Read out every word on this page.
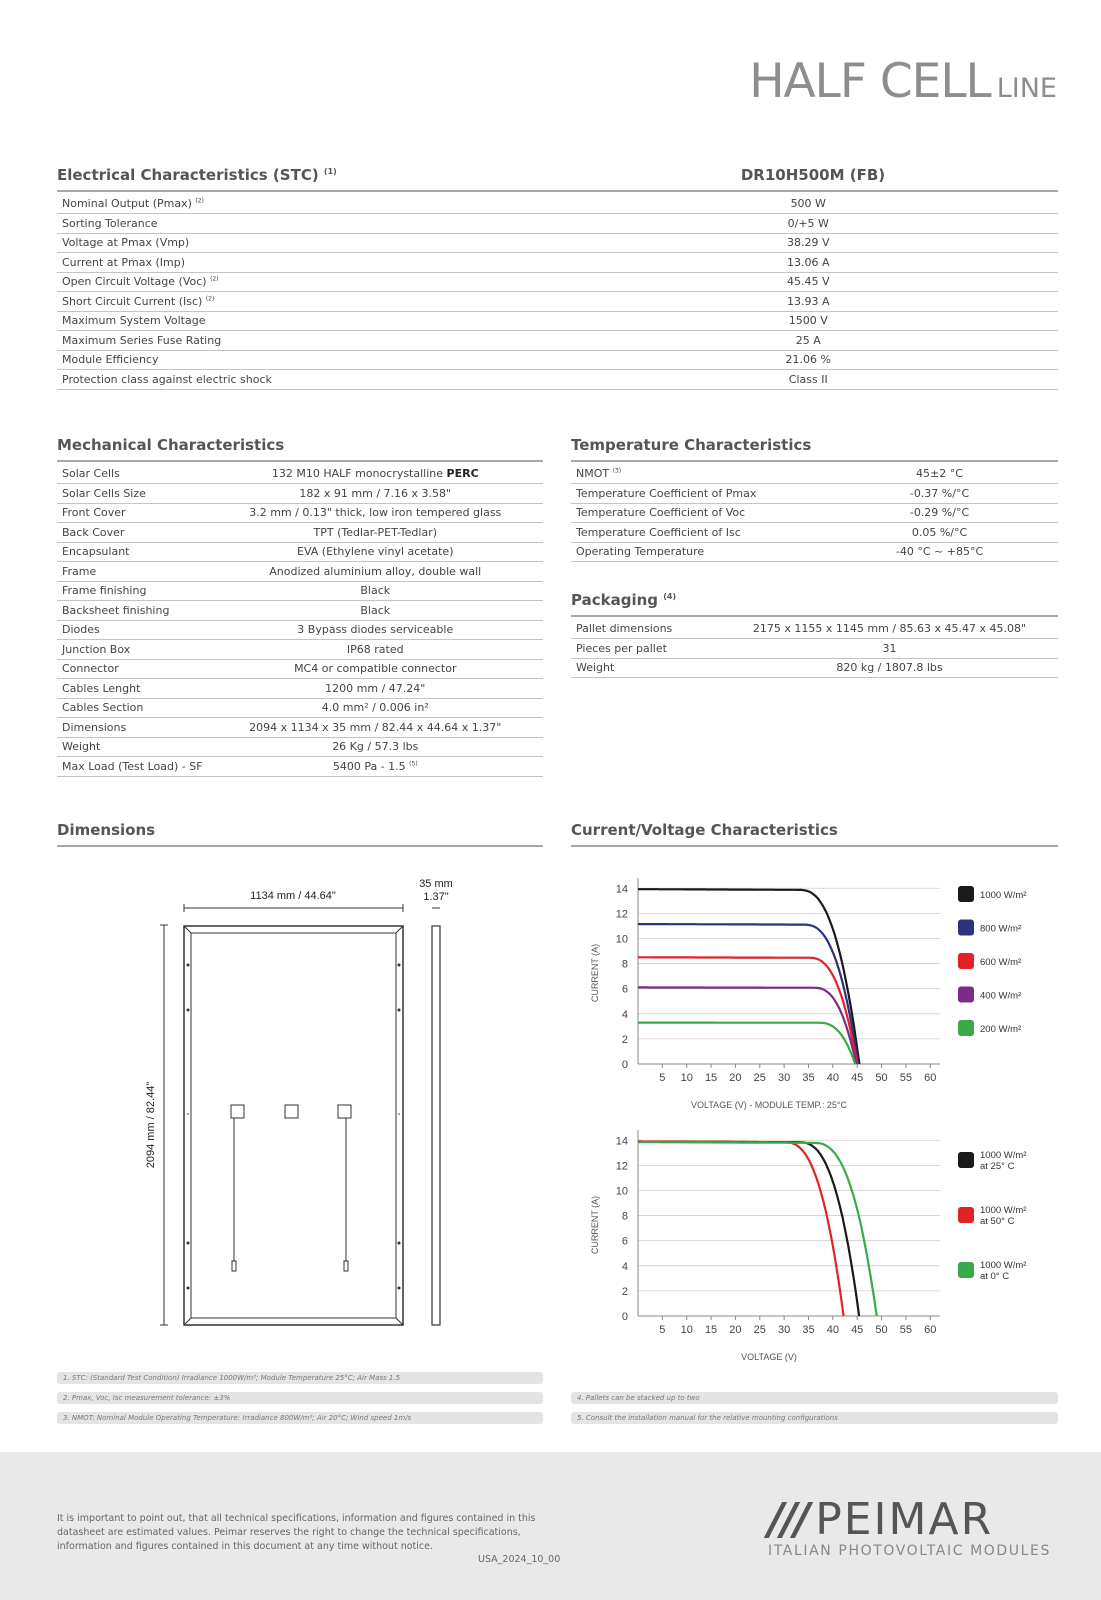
HALF CELL LINE
Electrical Characteristics (STC) $^{(1)}$	DR10H500M (FB)
Nominal Output (Pmax) $^{(2)}$	500 W
Sorting Tolerance	0/+5 W
Voltage at Pmax (Vmp)	38.29 V
Current at Pmax (Imp)	13.06 A
Open Circuit Voltage (Voc) $^{(2)}$	45.45 V
Short Circuit Current (Isc) $^{(2)}$	13.93 A
Maximum System Voltage	1500 V
Maximum Series Fuse Rating	25 A
Module Efficiency	21.06 %
Protection class against electric shock	Class II
Mechanical Characteristics
Solar Cells	132 M10 HALF monocrystalline PERC
Solar Cells Size	182 x 91 mm / 7.16 x 3.58"
Front Cover	3.2 mm / 0.13" thick, low iron tempered glass
Back Cover	TPT (Tedlar-PET-Tedlar)
Encapsulant	EVA (Ethylene vinyl acetate)
Frame	Anodized aluminium alloy, double wall
Frame finishing	Black
Backsheet finishing	Black
Diodes	3 Bypass diodes serviceable
Junction Box	IP68 rated
Connector	MC4 or compatible connector
Cables Lenght	1200 mm / 47.24"
Cables Section	4.0 mm² / 0.006 in²
Dimensions	2094 x 1134 x 35 mm / 82.44 x 44.64 x 1.37"
Weight	26 Kg / 57.3 lbs
Max Load (Test Load) - SF	5400 Pa - 1.5 $^{(5)}$
Temperature Characteristics
NMOT $^{(3)}$	45±2 °C
Temperature Coefficient of Pmax	-0.37 %/°C
Temperature Coefficient of Voc	-0.29 %/°C
Temperature Coefficient of Isc	0.05 %/°C
Operating Temperature	-40 °C ~ +85°C
Packaging $^{(4)}$
Pallet dimensions	2175 x 1155 x 1145 mm / 85.63 x 45.47 x 45.08"
Pieces per pallet	31
Weight	820 kg / 1807.8 lbs
Dimensions
1134 mm / 44.64"
35 mm
1.37"
2094 mm / 82.44"
Current/Voltage Characteristics
0
2
4
6
8
10
12
14
5 10 15 20 25 30 35 40 45 50 55 60
CURRENT (A)
VOLTAGE (V) - MODULE TEMP.: 25°C
1000 W/m²
800 W/m²
600 W/m²
400 W/m²
200 W/m²
0
2
4
6
8
10
12
14
5 10 15 20 25 30 35 40 45 50 55 60
CURRENT (A)
VOLTAGE (V)
1000 W/m²
at 25° C
1000 W/m²
at 50° C
1000 W/m²
at 0° C
1. STC: (Standard Test Condition) Irradiance 1000W/m²; Module Temperature 25°C; Air Mass 1.5
2. Pmax, Voc, Isc measurement tolerance: ±3%
3. NMOT: Nominal Module Operating Temperature: Irradiance 800W/m²; Air 20°C; Wind speed 1m/s
4. Pallets can be stacked up to two
5. Consult the installation manual for the relative mounting configurations
It is important to point out, that all technical specifications, information and figures contained in this datasheet are estimated values. Peimar reserves the right to change the technical specifications, information and figures contained in this document at any time without notice.
USA_2024_10_00
/// PEIMAR
ITALIAN PHOTOVOLTAIC MODULES
